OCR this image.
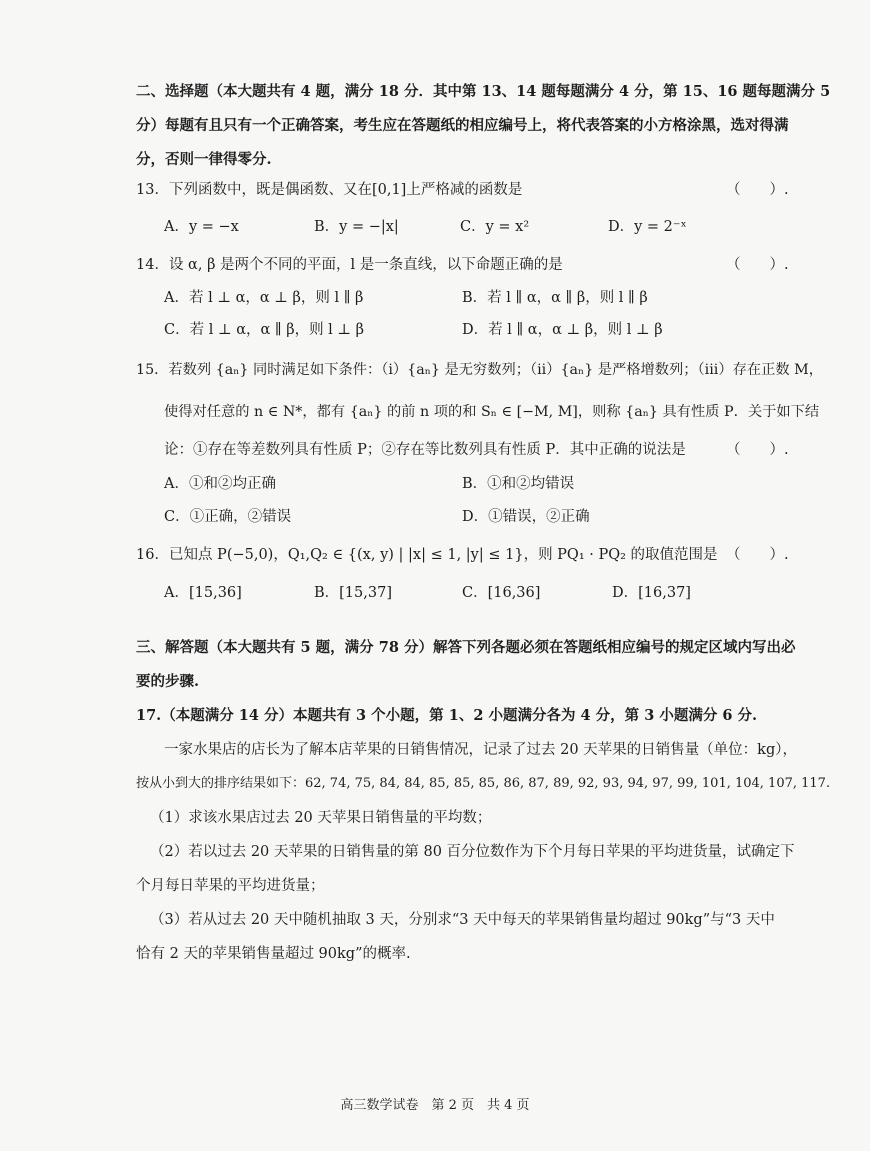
二、选择题（本大题共有 4 题，满分 18 分．其中第 13、14 题每题满分 4 分，第 15、16 题每题满分 5
分）每题有且只有一个正确答案，考生应在答题纸的相应编号上，将代表答案的小方格涂黑，选对得满
分，否则一律得零分.
13．下列函数中，既是偶函数、又在[0,1]上严格减的函数是	（　　）.
A．y = −x	B．y = −|x|	C．y = x²	D．y = 2⁻ˣ
14．设 α, β 是两个不同的平面，l 是一条直线，以下命题正确的是	（　　）.
A．若 l ⊥ α，α ⊥ β，则 l ∥ β	B．若 l ∥ α，α ∥ β，则 l ∥ β
C．若 l ⊥ α，α ∥ β，则 l ⊥ β	D．若 l ∥ α，α ⊥ β，则 l ⊥ β
15．若数列 {aₙ} 同时满足如下条件：（i）{aₙ} 是无穷数列；（ii）{aₙ} 是严格增数列；（iii）存在正数 M，
使得对任意的 n ∈ N*，都有 {aₙ} 的前 n 项的和 Sₙ ∈ [−M, M]，则称 {aₙ} 具有性质 P．关于如下结
论：①存在等差数列具有性质 P；②存在等比数列具有性质 P．其中正确的说法是	（　　）.
A．①和②均正确	B．①和②均错误
C．①正确，②错误	D．①错误，②正确
16．已知点 P(−5,0)，Q₁,Q₂ ∈ {(x, y) | |x| ≤ 1, |y| ≤ 1}，则 PQ₁ · PQ₂ 的取值范围是 （　　）.
A．[15,36]	B．[15,37]	C．[16,36]	D．[16,37]
三、解答题（本大题共有 5 题，满分 78 分）解答下列各题必须在答题纸相应编号的规定区域内写出必
要的步骤.
17.（本题满分 14 分）本题共有 3 个小题，第 1、2 小题满分各为 4 分，第 3 小题满分 6 分.
一家水果店的店长为了解本店苹果的日销售情况，记录了过去 20 天苹果的日销售量（单位：kg），
按从小到大的排序结果如下：62, 74, 75, 84, 84, 85, 85, 85, 86, 87, 89, 92, 93, 94, 97, 99, 101, 104, 107, 117.
（1）求该水果店过去 20 天苹果日销售量的平均数；
（2）若以过去 20 天苹果的日销售量的第 80 百分位数作为下个月每日苹果的平均进货量，试确定下
个月每日苹果的平均进货量；
（3）若从过去 20 天中随机抽取 3 天，分别求“3 天中每天的苹果销售量均超过 90kg”与“3 天中
恰有 2 天的苹果销售量超过 90kg”的概率.
高三数学试卷　第 2 页　共 4 页
